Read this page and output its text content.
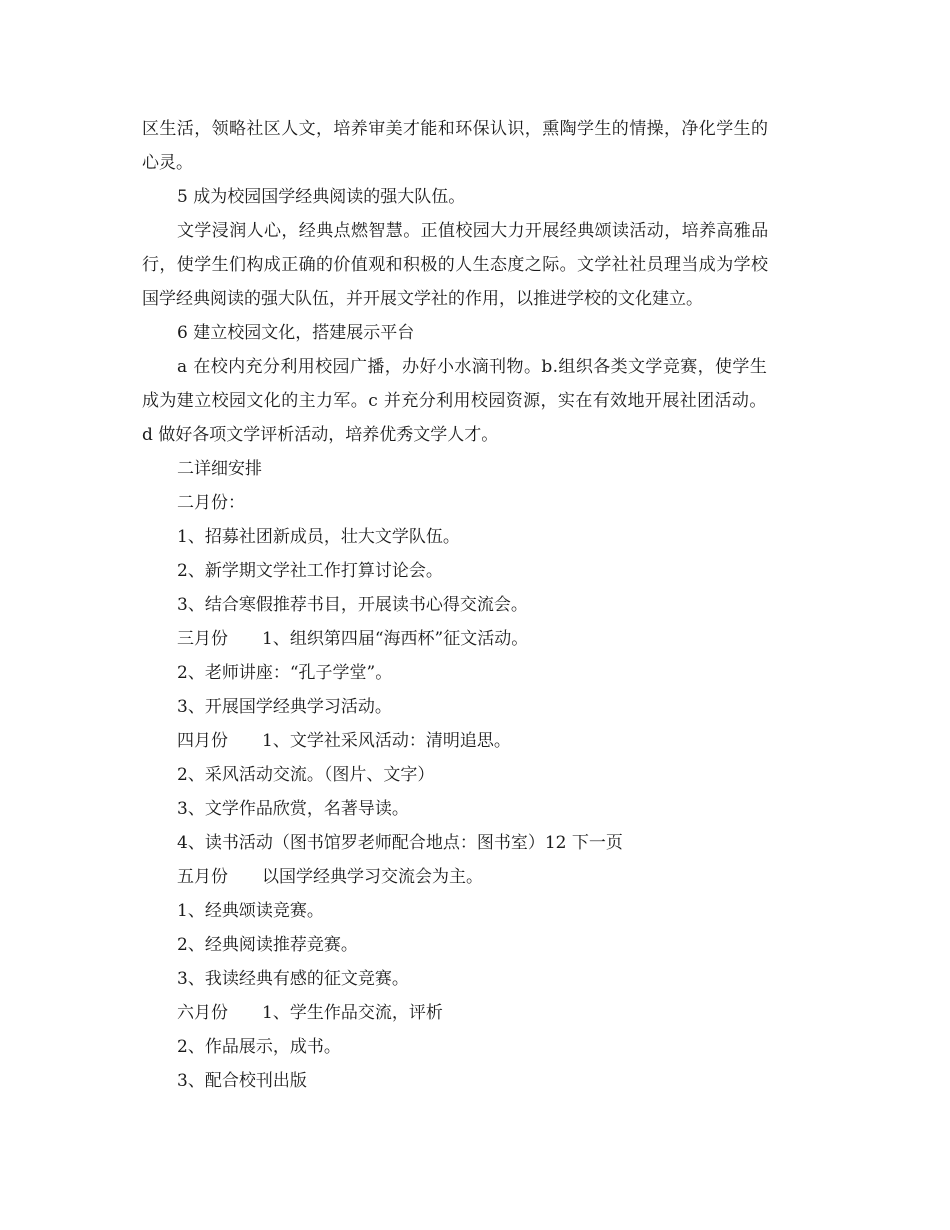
区生活，领略社区人文，培养审美才能和环保认识，熏陶学生的情操，净化学生的
心灵。
5 成为校园国学经典阅读的强大队伍。
文学浸润人心，经典点燃智慧。正值校园大力开展经典颂读活动，培养高雅品
行，使学生们构成正确的价值观和积极的人生态度之际。文学社社员理当成为学校
国学经典阅读的强大队伍，并开展文学社的作用，以推进学校的文化建立。
6 建立校园文化，搭建展示平台
a 在校内充分利用校园广播，办好小水滴刊物。b.组织各类文学竞赛，使学生
成为建立校园文化的主力军。c 并充分利用校园资源，实在有效地开展社团活动。
d 做好各项文学评析活动，培养优秀文学人才。
二详细安排
二月份：
1、招募社团新成员，壮大文学队伍。
2、新学期文学社工作打算讨论会。
3、结合寒假推荐书目，开展读书心得交流会。
三月份　　1、组织第四届“海西杯”征文活动。
2、老师讲座：“孔子学堂”。
3、开展国学经典学习活动。
四月份　　1、文学社采风活动：清明追思。
2、采风活动交流。（图片、文字）
3、文学作品欣赏，名著导读。
4、读书活动（图书馆罗老师配合地点：图书室）12 下一页
五月份　　以国学经典学习交流会为主。
1、经典颂读竞赛。
2、经典阅读推荐竞赛。
3、我读经典有感的征文竞赛。
六月份　　1、学生作品交流，评析
2、作品展示，成书。
3、配合校刊出版
